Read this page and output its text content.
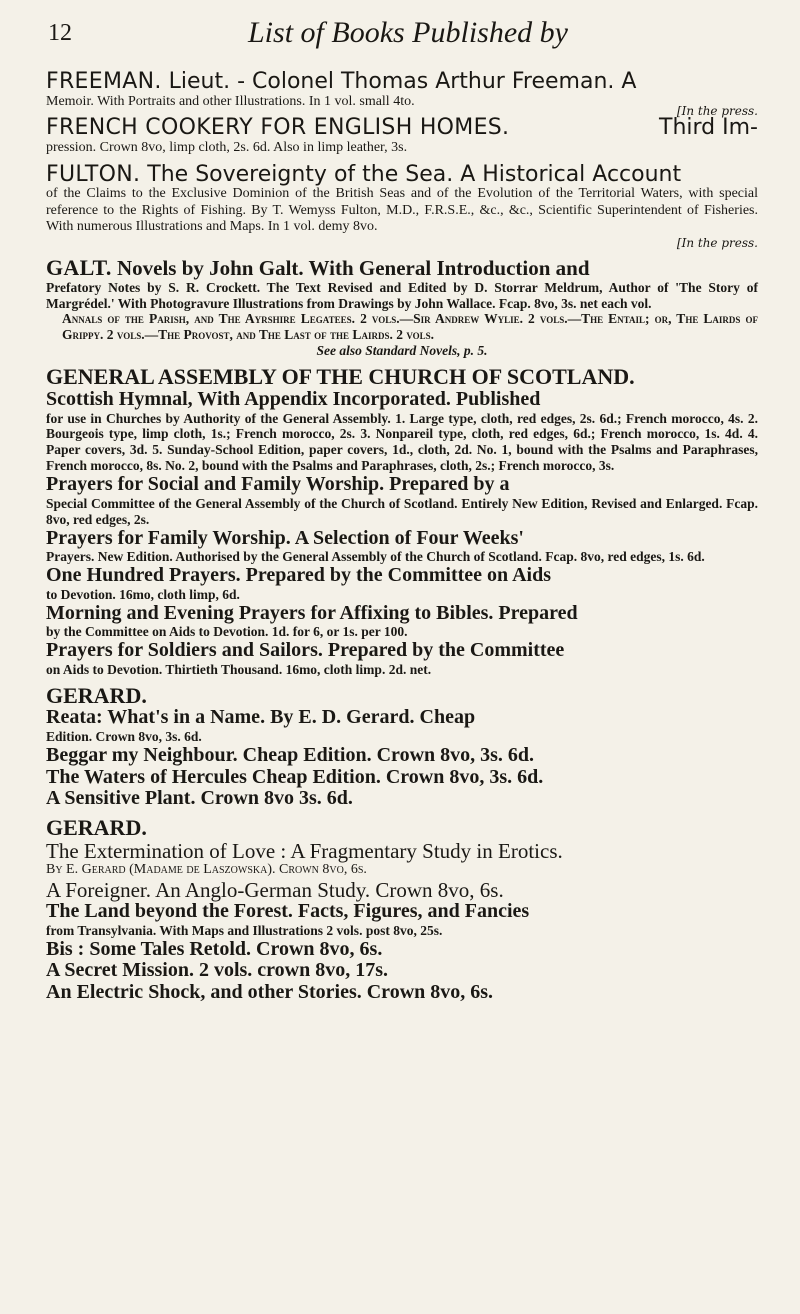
12	List of Books Published by
FREEMAN. Lieut. - Colonel Thomas Arthur Freeman. A
Memoir. With Portraits and other Illustrations. In 1 vol. small 4to.
FRENCH COOKERY FOR ENGLISH HOMES.	Third Im-
pression. Crown 8vo, limp cloth, 2s. 6d. Also in limp leather, 3s.
FULTON. The Sovereignty of the Sea. A Historical Account
of the Claims to the Exclusive Dominion of the British Seas and of the Evolution of the Territorial Waters, with special reference to the Rights of Fishing. By T. Wemyss Fulton, M.D., F.R.S.E., &c., &c., Scientific Superintendent of Fisheries. With numerous Illustrations and Maps. In 1 vol. demy 8vo.
[In the press.
GALT. Novels by John Galt. With General Introduction and
Prefatory Notes by S. R. Crockett. The Text Revised and Edited by D. Storrar Meldrum, Author of 'The Story of Margrédel.' With Photogravure Illustrations from Drawings by John Wallace. Fcap. 8vo, 3s. net each vol.
Annals of the Parish, and The Ayrshire Legatees. 2 vols.—Sir Andrew Wylie. 2 vols.—The Entail; or, The Lairds of Grippy. 2 vols.—The Provost, and The Last of the Lairds. 2 vols.
See also Standard Novels, p. 5.
GENERAL ASSEMBLY OF THE CHURCH OF SCOTLAND.
Scottish Hymnal, With Appendix Incorporated. Published
for use in Churches by Authority of the General Assembly. 1. Large type, cloth, red edges, 2s. 6d.; French morocco, 4s. 2. Bourgeois type, limp cloth, 1s.; French morocco, 2s. 3. Nonpareil type, cloth, red edges, 6d.; French morocco, 1s. 4d. 4. Paper covers, 3d. 5. Sunday-School Edition, paper covers, 1d., cloth, 2d. No. 1, bound with the Psalms and Paraphrases, French morocco, 8s. No. 2, bound with the Psalms and Paraphrases, cloth, 2s.; French morocco, 3s.
Prayers for Social and Family Worship. Prepared by a
Special Committee of the General Assembly of the Church of Scotland. Entirely New Edition, Revised and Enlarged. Fcap. 8vo, red edges, 2s.
Prayers for Family Worship. A Selection of Four Weeks'
Prayers. New Edition. Authorised by the General Assembly of the Church of Scotland. Fcap. 8vo, red edges, 1s. 6d.
One Hundred Prayers. Prepared by the Committee on Aids
to Devotion. 16mo, cloth limp, 6d.
Morning and Evening Prayers for Affixing to Bibles. Prepared
by the Committee on Aids to Devotion. 1d. for 6, or 1s. per 100.
Prayers for Soldiers and Sailors. Prepared by the Committee
on Aids to Devotion. Thirtieth Thousand. 16mo, cloth limp. 2d. net.
GERARD.
Reata: What's in a Name. By E. D. Gerard. Cheap
Edition. Crown 8vo, 3s. 6d.
Beggar my Neighbour. Cheap Edition. Crown 8vo, 3s. 6d.
The Waters of Hercules Cheap Edition. Crown 8vo, 3s. 6d.
A Sensitive Plant. Crown 8vo 3s. 6d.
GERARD.
The Extermination of Love : A Fragmentary Study in Erotics.
By E. Gerard (Madame de Laszowska). Crown 8vo, 6s.
A Foreigner. An Anglo-German Study. Crown 8vo, 6s.
The Land beyond the Forest. Facts, Figures, and Fancies
from Transylvania. With Maps and Illustrations 2 vols. post 8vo, 25s.
Bis : Some Tales Retold. Crown 8vo, 6s.
A Secret Mission. 2 vols. crown 8vo, 17s.
An Electric Shock, and other Stories. Crown 8vo, 6s.
[In the press.
